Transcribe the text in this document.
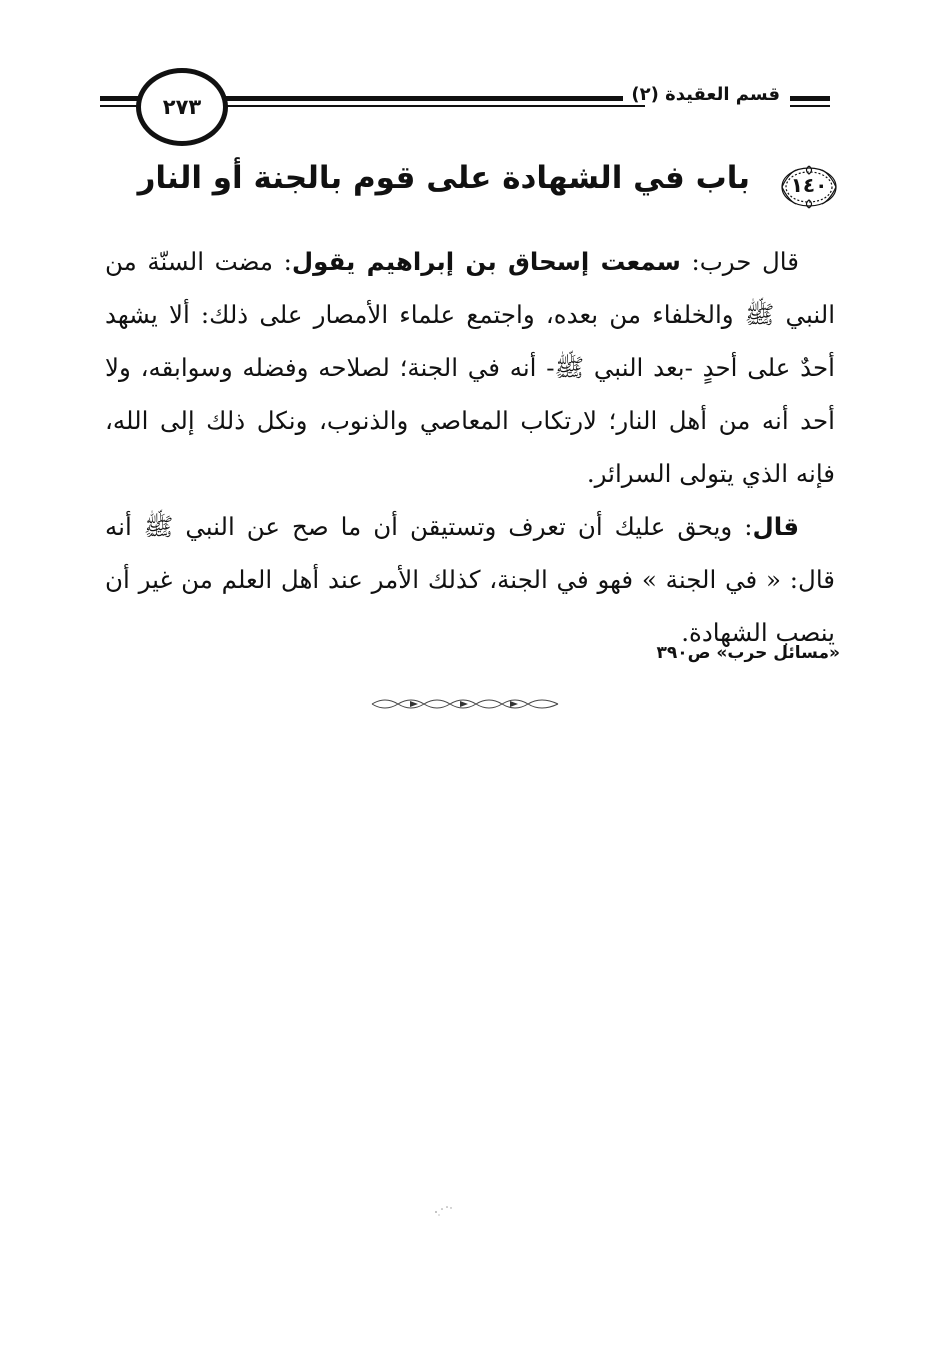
٢٧٣
قسم العقيدة (٢)
١٤٠
باب في الشهادة على قوم بالجنة أو النار

قال حرب: سمعت إسحاق بن إبراهيم يقول: مضت السنّة من النبي ﷺ والخلفاء من بعده، واجتمع علماء الأمصار على ذلك: ألا يشهد أحدٌ على أحدٍ -بعد النبي ﷺ- أنه في الجنة؛ لصلاحه وفضله وسوابقه، ولا أحد أنه من أهل النار؛ لارتكاب المعاصي والذنوب، ونكل ذلك إلى الله، فإنه الذي يتولى السرائر.

قال: ويحق عليك أن تعرف وتستيقن أن ما صح عن النبي ﷺ أنه قال: « في الجنة » فهو في الجنة، كذلك الأمر عند أهل العلم من غير أن ينصب الشهادة.

«مسائل حرب» ص٣٩٠
